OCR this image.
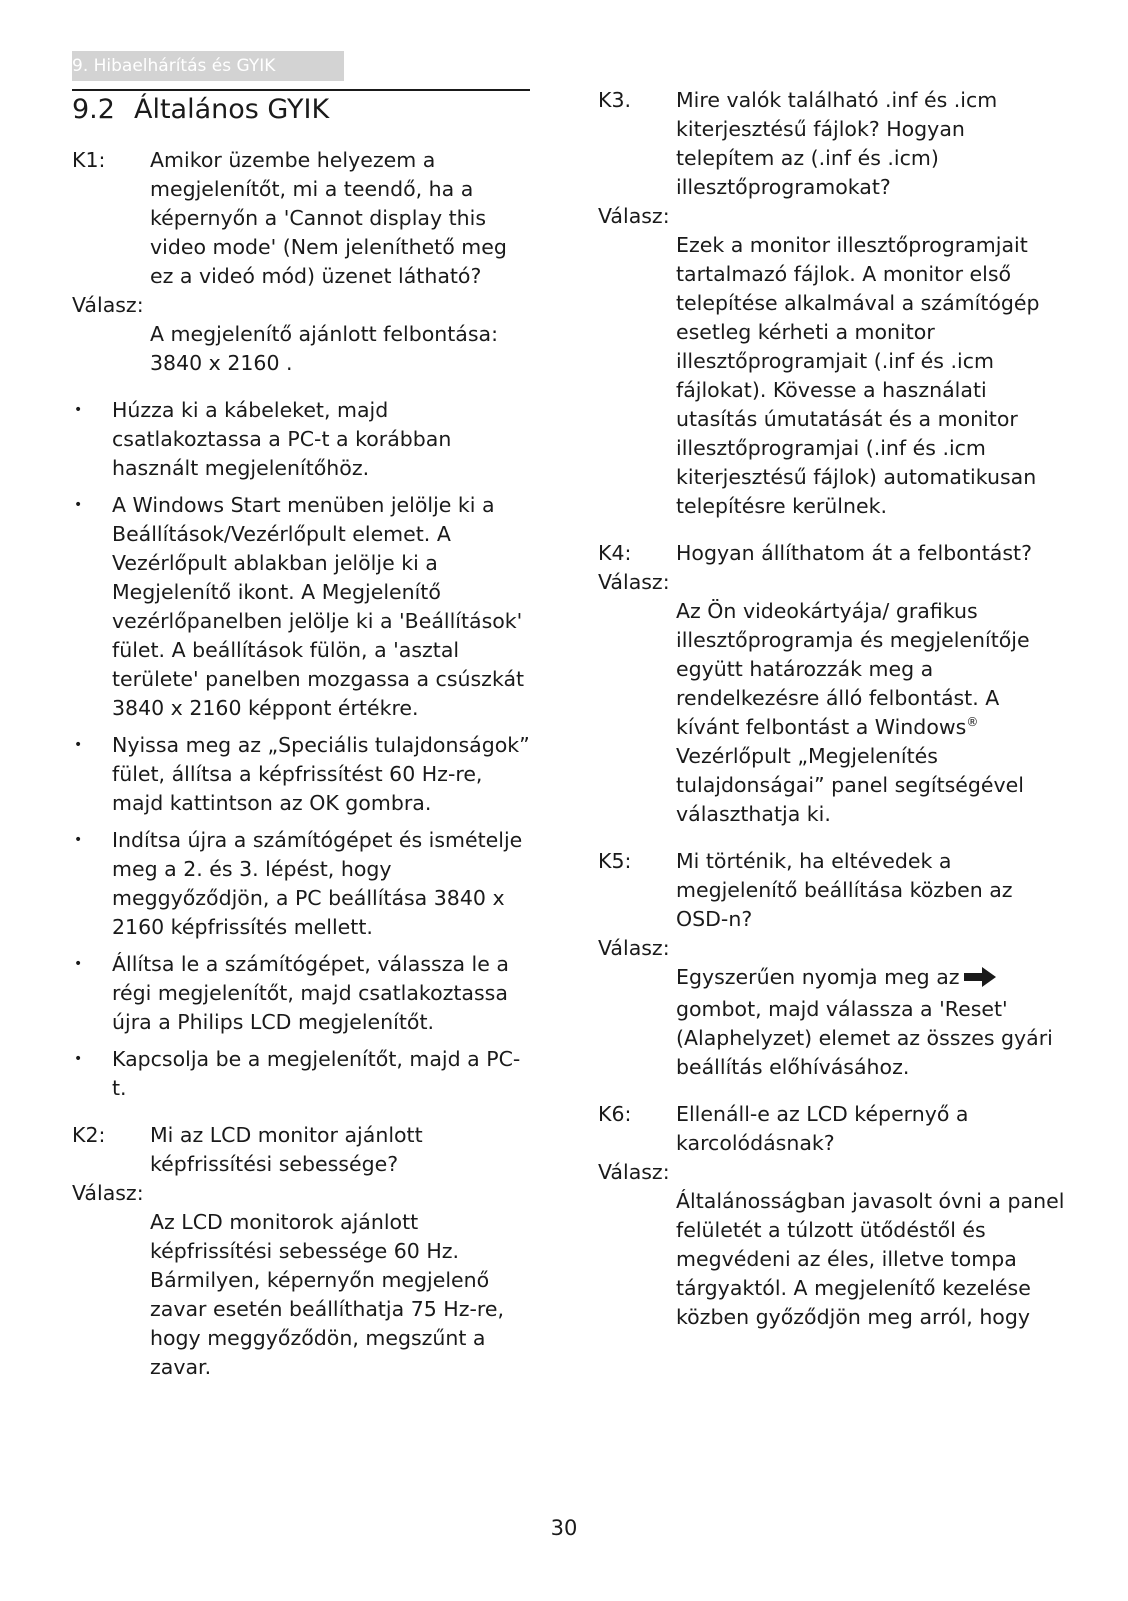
9. Hibaelhárítás és GYIK
9.2 Általános GYIK

K1:	Amikor üzembe helyezem a megjelenítőt, mi a teendő, ha a képernyőn a 'Cannot display this video mode' (Nem jeleníthető meg ez a videó mód) üzenet látható?

Válasz:

A megjelenítő ajánlott felbontása: 3840 x 2160 .

•	Húzza ki a kábeleket, majd csatlakoztassa a PC-t a korábban használt megjelenítőhöz.
•	A Windows Start menüben jelölje ki a Beállítások/Vezérlőpult elemet. A Vezérlőpult ablakban jelölje ki a Megjelenítő ikont. A Megjelenítő vezérlőpanelben jelölje ki a 'Beállítások' fület. A beállítások fülön, a 'asztal területe' panelben mozgassa a csúszkát 3840 x 2160 képpont értékre.
•	Nyissa meg az „Speciális tulajdonságok” fület, állítsa a képfrissítést 60 Hz-re, majd kattintson az OK gombra.
•	Indítsa újra a számítógépet és ismételje meg a 2. és 3. lépést, hogy meggyőződjön, a PC beállítása 3840 x 2160 képfrissítés mellett.
•	Állítsa le a számítógépet, válassza le a régi megjelenítőt, majd csatlakoztassa újra a Philips LCD megjelenítőt.
•	Kapcsolja be a megjelenítőt, majd a PC-t.

K2:	Mi az LCD monitor ajánlott képfrissítési sebessége?

Válasz:

Az LCD monitorok ajánlott képfrissítési sebessége 60 Hz. Bármilyen, képernyőn megjelenő zavar esetén beállíthatja 75 Hz-re, hogy meggyőződön, megszűnt a zavar.

K3.	Mire valók található .inf és .icm kiterjesztésű fájlok? Hogyan telepítem az (.inf és .icm) illesztőprogramokat?

Válasz:

Ezek a monitor illesztőprogramjait tartalmazó fájlok. A monitor első telepítése alkalmával a számítógép esetleg kérheti a monitor illesztőprogramjait (.inf és .icm fájlokat). Kövesse a használati utasítás úmutatását és a monitor illesztőprogramjai (.inf és .icm kiterjesztésű fájlok) automatikusan telepítésre kerülnek.

K4:	Hogyan állíthatom át a felbontást?

Válasz:

Az Ön videokártyája/ grafikus illesztőprogramja és megjelenítője együtt határozzák meg a rendelkezésre álló felbontást. A kívánt felbontást a Windows® Vezérlőpult „Megjelenítés tulajdonságai” panel segítségével választhatja ki.

K5:	Mi történik, ha eltévedek a megjelenítő beállítása közben az OSD-n?

Válasz:

Egyszerűen nyomja meg az
gombot, majd válassza a 'Reset' (Alaphelyzet) elemet az összes gyári beállítás előhívásához.

K6:	Ellenáll-e az LCD képernyő a karcolódásnak?

Válasz:

Általánosságban javasolt óvni a panel felületét a túlzott ütődéstől és megvédeni az éles, illetve tompa tárgyaktól. A megjelenítő kezelése közben győződjön meg arról, hogy

30
